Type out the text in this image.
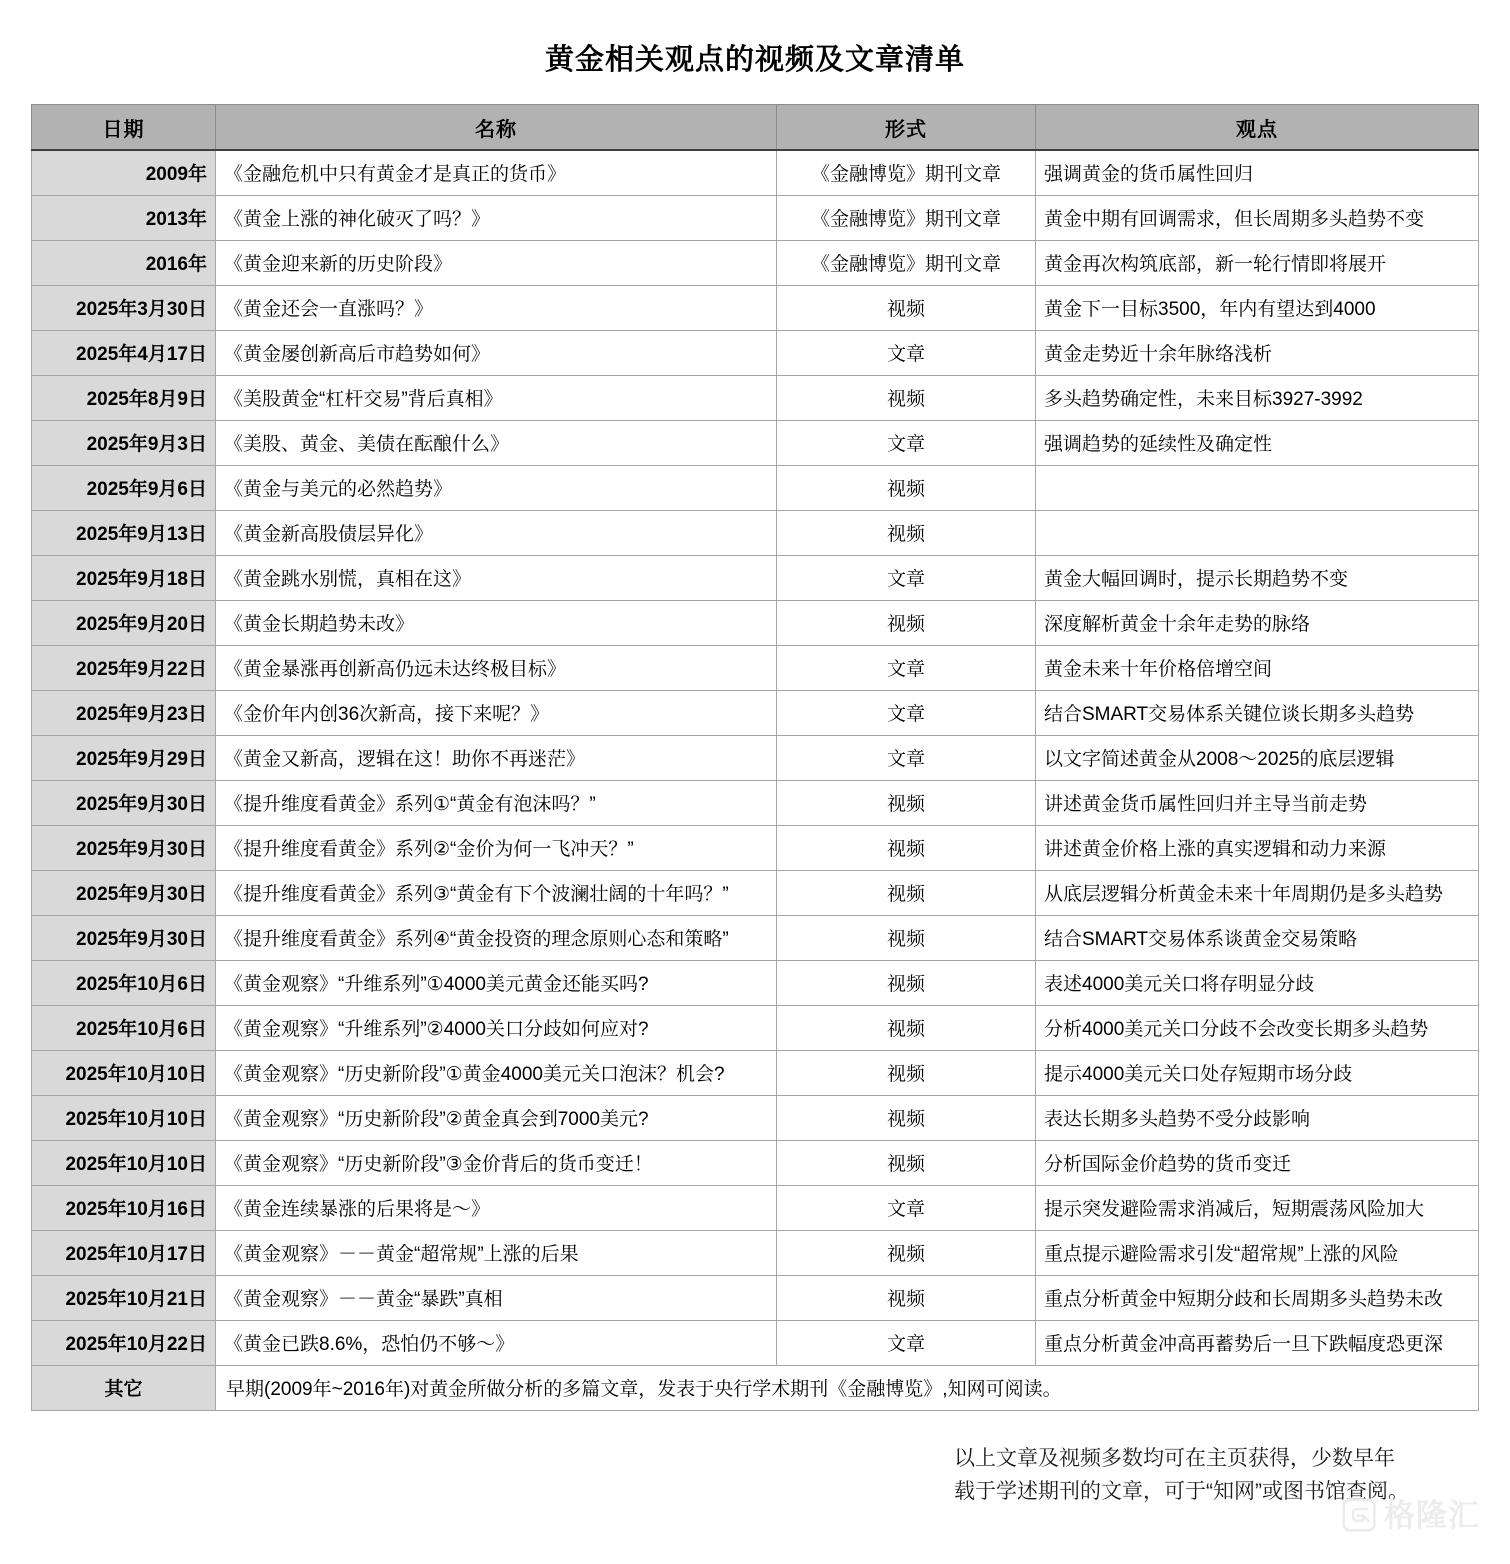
黄金相关观点的视频及文章清单
日期	名称	形式	观点
2009年	《金融危机中只有黄金才是真正的货币》	《金融博览》期刊文章	强调黄金的货币属性回归
2013年	《黄金上涨的神化破灭了吗？》	《金融博览》期刊文章	黄金中期有回调需求，但长周期多头趋势不变
2016年	《黄金迎来新的历史阶段》	《金融博览》期刊文章	黄金再次构筑底部，新一轮行情即将展开
2025年3月30日	《黄金还会一直涨吗？》	视频	黄金下一目标3500，年内有望达到4000
2025年4月17日	《黄金屡创新高后市趋势如何》	文章	黄金走势近十余年脉络浅析
2025年8月9日	《美股黄金“杠杆交易”背后真相》	视频	多头趋势确定性，未来目标3927-3992
2025年9月3日	《美股、黄金、美债在酝酿什么》	文章	强调趋势的延续性及确定性
2025年9月6日	《黄金与美元的必然趋势》	视频	
2025年9月13日	《黄金新高股债层异化》	视频	
2025年9月18日	《黄金跳水别慌，真相在这》	文章	黄金大幅回调时，提示长期趋势不变
2025年9月20日	《黄金长期趋势未改》	视频	深度解析黄金十余年走势的脉络
2025年9月22日	《黄金暴涨再创新高仍远未达终极目标》	文章	黄金未来十年价格倍增空间
2025年9月23日	《金价年内创36次新高，接下来呢？》	文章	结合SMART交易体系关键位谈长期多头趋势
2025年9月29日	《黄金又新高，逻辑在这！助你不再迷茫》	文章	以文字简述黄金从2008～2025的底层逻辑
2025年9月30日	《提升维度看黄金》系列①“黄金有泡沫吗？”	视频	讲述黄金货币属性回归并主导当前走势
2025年9月30日	《提升维度看黄金》系列②“金价为何一飞冲天？”	视频	讲述黄金价格上涨的真实逻辑和动力来源
2025年9月30日	《提升维度看黄金》系列③“黄金有下个波澜壮阔的十年吗？”	视频	从底层逻辑分析黄金未来十年周期仍是多头趋势
2025年9月30日	《提升维度看黄金》系列④“黄金投资的理念原则心态和策略”	视频	结合SMART交易体系谈黄金交易策略
2025年10月6日	《黄金观察》“升维系列”①4000美元黄金还能买吗?	视频	表述4000美元关口将存明显分歧
2025年10月6日	《黄金观察》“升维系列”②4000关口分歧如何应对?	视频	分析4000美元关口分歧不会改变长期多头趋势
2025年10月10日	《黄金观察》“历史新阶段”①黄金4000美元关口泡沫？机会?	视频	提示4000美元关口处存短期市场分歧
2025年10月10日	《黄金观察》“历史新阶段”②黄金真会到7000美元?	视频	表达长期多头趋势不受分歧影响
2025年10月10日	《黄金观察》“历史新阶段”③金价背后的货币变迁！	视频	分析国际金价趋势的货币变迁
2025年10月16日	《黄金连续暴涨的后果将是～》	文章	提示突发避险需求消减后，短期震荡风险加大
2025年10月17日	《黄金观察》－－黄金“超常规”上涨的后果	视频	重点提示避险需求引发“超常规”上涨的风险
2025年10月21日	《黄金观察》－－黄金“暴跌”真相	视频	重点分析黄金中短期分歧和长周期多头趋势未改
2025年10月22日	《黄金已跌8.6%，恐怕仍不够～》	文章	重点分析黄金冲高再蓄势后一旦下跌幅度恐更深
其它	早期(2009年~2016年)对黄金所做分析的多篇文章，发表于央行学术期刊《金融博览》,知网可阅读。		
以上文章及视频多数均可在主页获得，少数早年
载于学述期刊的文章，可于“知网”或图书馆查阅。
格隆汇
